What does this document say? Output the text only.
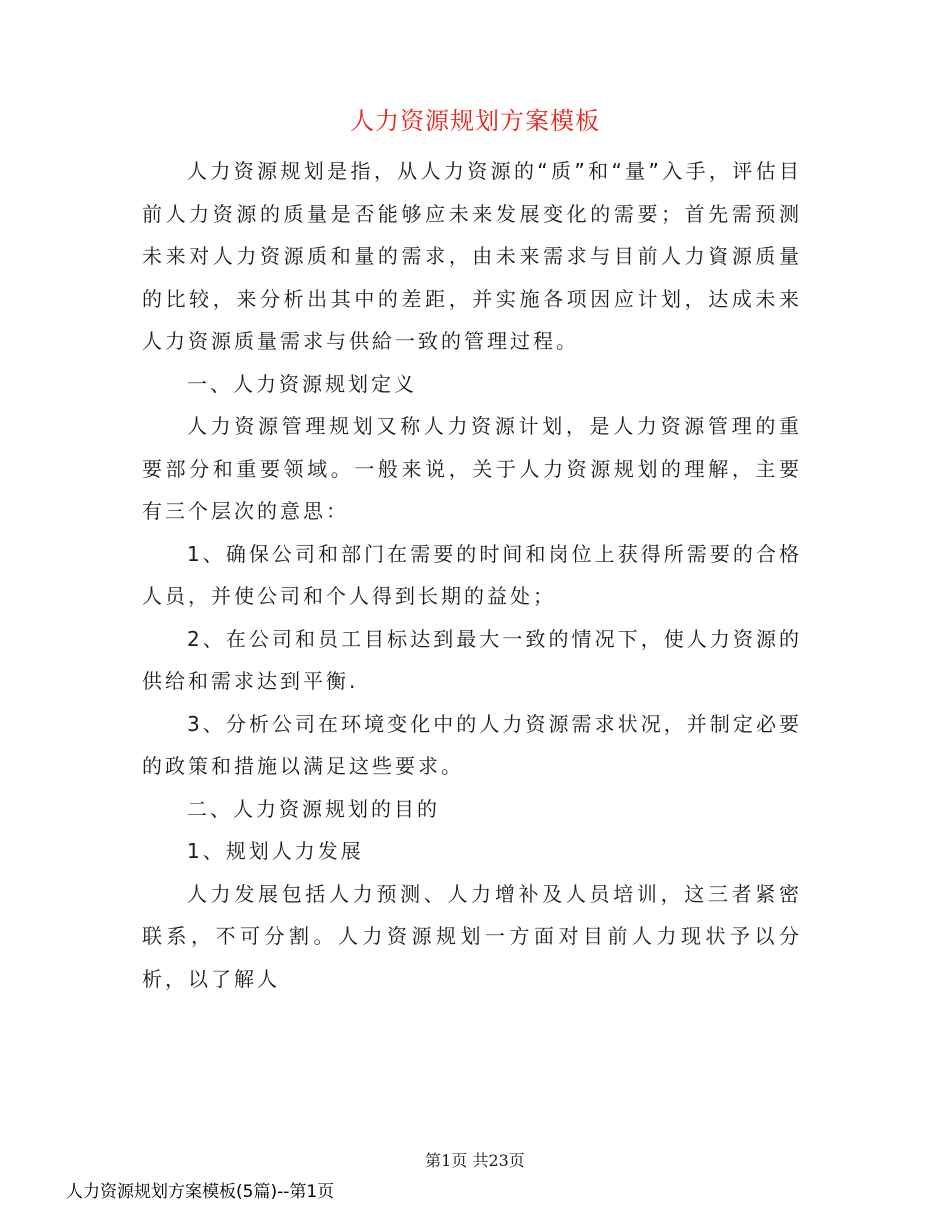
人力资源规划方案模板

人力资源规划是指，从人力资源的“质”和“量”入手，评估目前人力资源的质量是否能够应未来发展变化的需要；首先需预测未来对人力资源质和量的需求，由未来需求与目前人力資源质量的比较，来分析出其中的差距，并实施各项因应计划，达成未来人力资源质量需求与供給一致的管理过程。

一、人力资源规划定义

人力资源管理规划又称人力资源计划，是人力资源管理的重要部分和重要领域。一般来说，关于人力资源规划的理解，主要有三个层次的意思：

1、确保公司和部门在需要的时间和岗位上获得所需要的合格人员，并使公司和个人得到长期的益处；

2、在公司和员工目标达到最大一致的情况下，使人力资源的供给和需求达到平衡.

3、分析公司在环境变化中的人力资源需求状况，并制定必要的政策和措施以满足这些要求。

二、人力资源规划的目的

1、规划人力发展

人力发展包括人力预测、人力增补及人员培训，这三者紧密联系，不可分割。人力资源规划一方面对目前人力现状予以分析，以了解人

第1页 共23页
人力资源规划方案模板(5篇)--第1页
